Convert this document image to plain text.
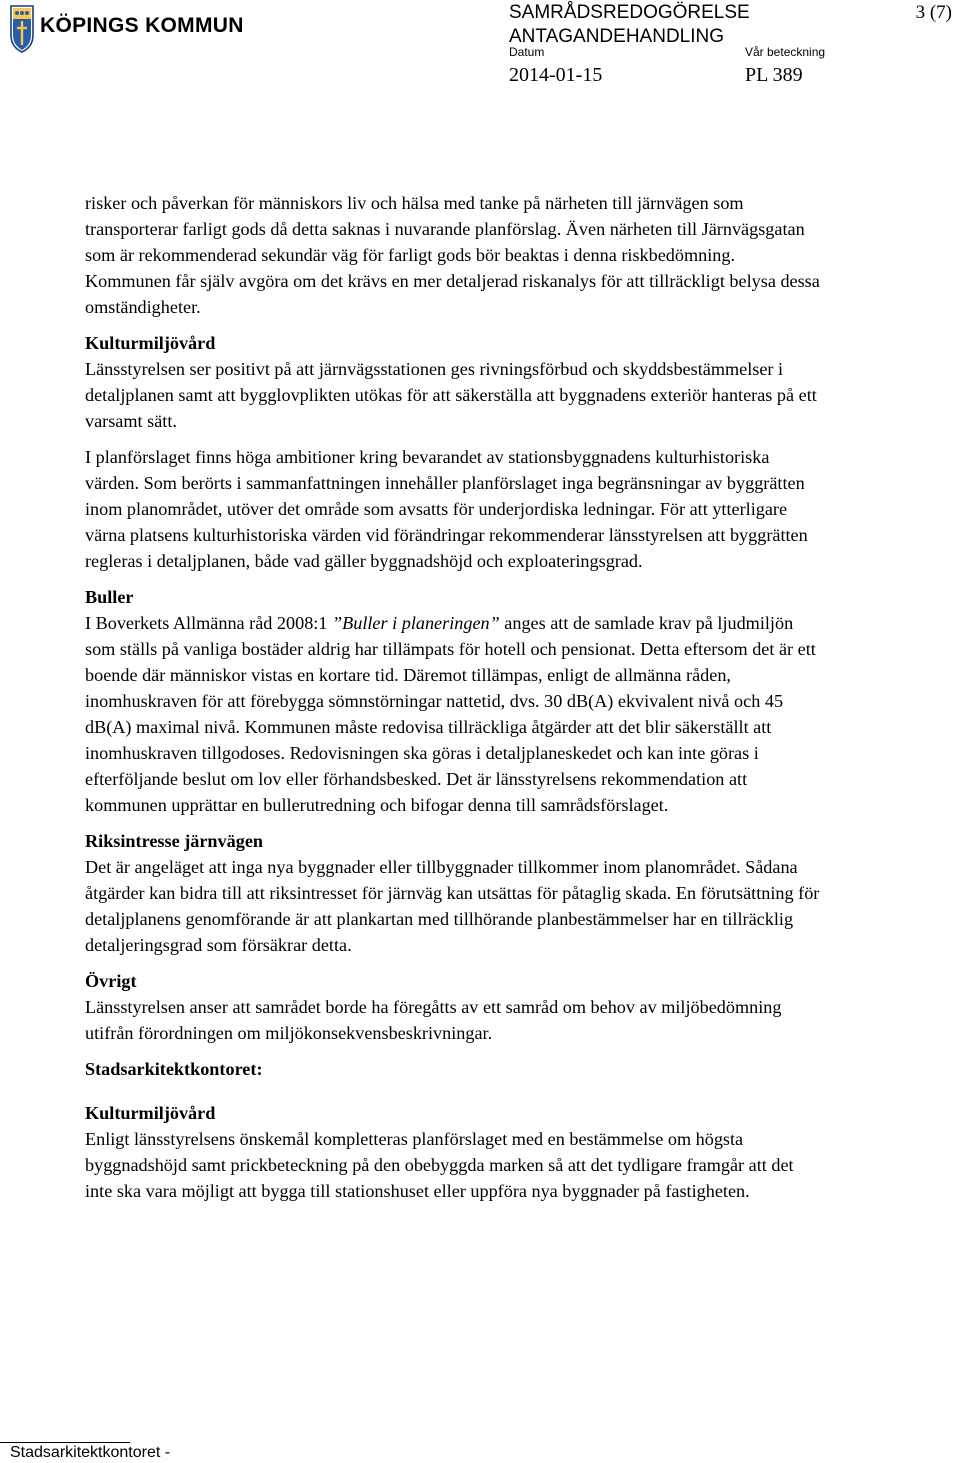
KÖPINGS KOMMUN
SAMRÅDSREDOGÖRELSE
ANTAGANDEHANDLING
Datum	Vår beteckning
2014-01-15	PL 389
3 (7)

risker och påverkan för människors liv och hälsa med tanke på närheten till järnvägen som transporterar farligt gods då detta saknas i nuvarande planförslag. Även närheten till Järnvägsgatan som är rekommenderad sekundär väg för farligt gods bör beaktas i denna riskbedömning. Kommunen får själv avgöra om det krävs en mer detaljerad riskanalys för att tillräckligt belysa dessa omständigheter.

Kulturmiljövård

Länsstyrelsen ser positivt på att järnvägsstationen ges rivningsförbud och skyddsbestämmelser i detaljplanen samt att bygglovplikten utökas för att säkerställa att byggnadens exteriör hanteras på ett varsamt sätt.

I planförslaget finns höga ambitioner kring bevarandet av stationsbyggnadens kulturhistoriska värden. Som berörts i sammanfattningen innehåller planförslaget inga begränsningar av byggrätten inom planområdet, utöver det område som avsatts för underjordiska ledningar. För att ytterligare värna platsens kulturhistoriska värden vid förändringar rekommenderar länsstyrelsen att byggrätten regleras i detaljplanen, både vad gäller byggnadshöjd och exploateringsgrad.

Buller

I Boverkets Allmänna råd 2008:1 ”Buller i planeringen” anges att de samlade krav på ljudmiljön som ställs på vanliga bostäder aldrig har tillämpats för hotell och pensionat. Detta eftersom det är ett boende där människor vistas en kortare tid. Däremot tillämpas, enligt de allmänna råden, inomhuskraven för att förebygga sömnstörningar nattetid, dvs. 30 dB(A) ekvivalent nivå och 45 dB(A) maximal nivå. Kommunen måste redovisa tillräckliga åtgärder att det blir säkerställt att inomhuskraven tillgodoses. Redovisningen ska göras i detaljplaneskedet och kan inte göras i efterföljande beslut om lov eller förhandsbesked. Det är länsstyrelsens rekommendation att kommunen upprättar en bullerutredning och bifogar denna till samrådsförslaget.

Riksintresse järnvägen

Det är angeläget att inga nya byggnader eller tillbyggnader tillkommer inom planområdet. Sådana åtgärder kan bidra till att riksintresset för järnväg kan utsättas för påtaglig skada. En förutsättning för detaljplanens genomförande är att plankartan med tillhörande planbestämmelser har en tillräcklig detaljeringsgrad som försäkrar detta.

Övrigt

Länsstyrelsen anser att samrådet borde ha föregåtts av ett samråd om behov av miljöbedömning utifrån förordningen om miljökonsekvensbeskrivningar.

Stadsarkitektkontoret:
Kulturmiljövård

Enligt länsstyrelsens önskemål kompletteras planförslaget med en bestämmelse om högsta byggnadshöjd samt prickbeteckning på den obebyggda marken så att det tydligare framgår att det inte ska vara möjligt att bygga till stationshuset eller uppföra nya byggnader på fastigheten.

Stadsarkitektkontoret -
